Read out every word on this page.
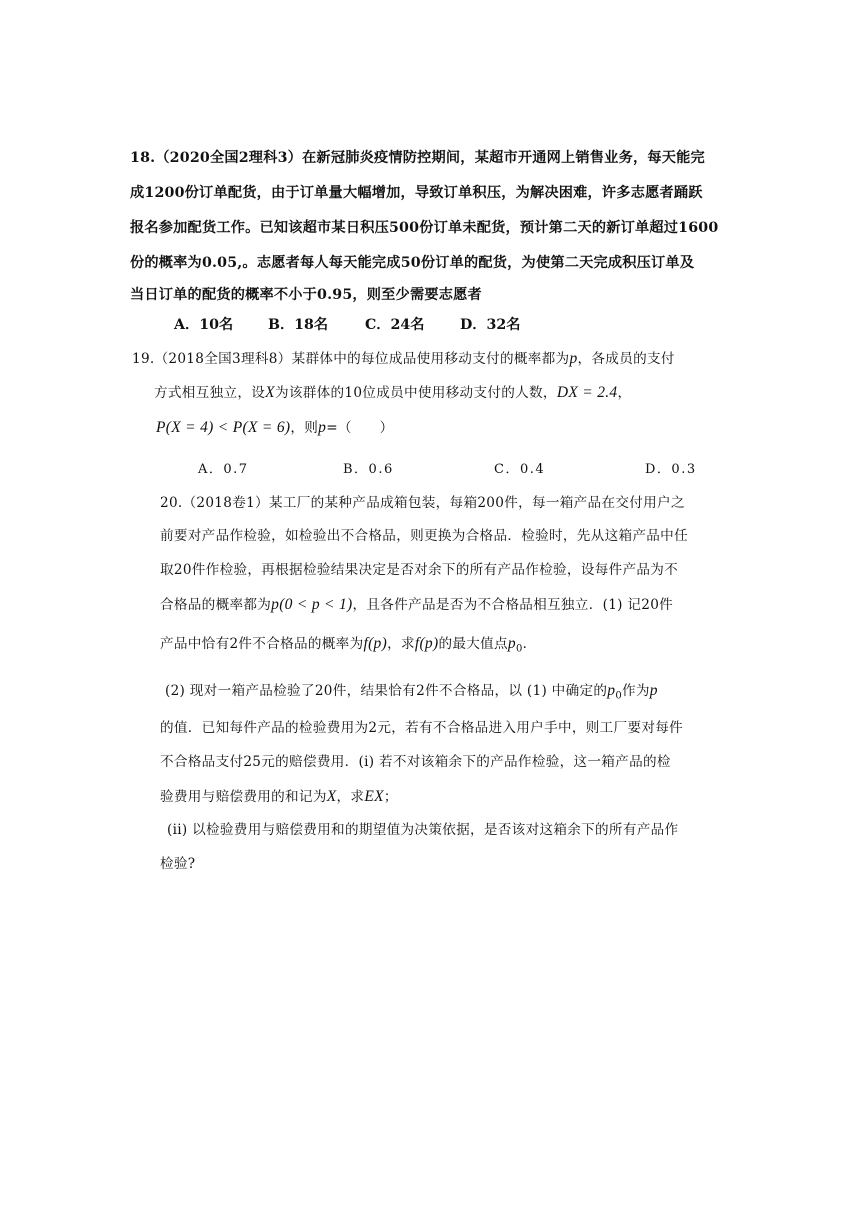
18.（2020全国2理科3）在新冠肺炎疫情防控期间，某超市开通网上销售业务，每天能完
成1200份订单配货，由于订单量大幅增加，导致订单积压，为解决困难，许多志愿者踊跃
报名参加配货工作。已知该超市某日积压500份订单未配货，预计第二天的新订单超过1600
份的概率为0.05,。志愿者每人每天能完成50份订单的配货，为使第二天完成积压订单及
当日订单的配货的概率不小于0.95，则至少需要志愿者
A．10名 B．18名	C．24名	D．32名
19.（2018全国3理科8）某群体中的每位成品使用移动支付的概率都为p，各成员的支付
方式相互独立，设X为该群体的10位成员中使用移动支付的人数，DX = 2.4，
P(X = 4) < P(X = 6)，则p=（　　）
A．0.7	B．0.6	C．0.4	D．0.3
20.（2018卷1）某工厂的某种产品成箱包装，每箱200件，每一箱产品在交付用户之
前要对产品作检验，如检验出不合格品，则更换为合格品．检验时，先从这箱产品中任
取20件作检验，再根据检验结果决定是否对余下的所有产品作检验，设每件产品为不
合格品的概率都为p(0 < p < 1)，且各件产品是否为不合格品相互独立．(1) 记20件
产品中恰有2件不合格品的概率为f(p)，求f(p)的最大值点$p_0$．
(2) 现对一箱产品检验了20件，结果恰有2件不合格品，以 (1) 中确定的$p_0$作为p
的值．已知每件产品的检验费用为2元，若有不合格品进入用户手中，则工厂要对每件
不合格品支付25元的赔偿费用．(i) 若不对该箱余下的产品作检验，这一箱产品的检
验费用与赔偿费用的和记为X，求EX；
(ii) 以检验费用与赔偿费用和的期望值为决策依据，是否该对这箱余下的所有产品作
检验?
